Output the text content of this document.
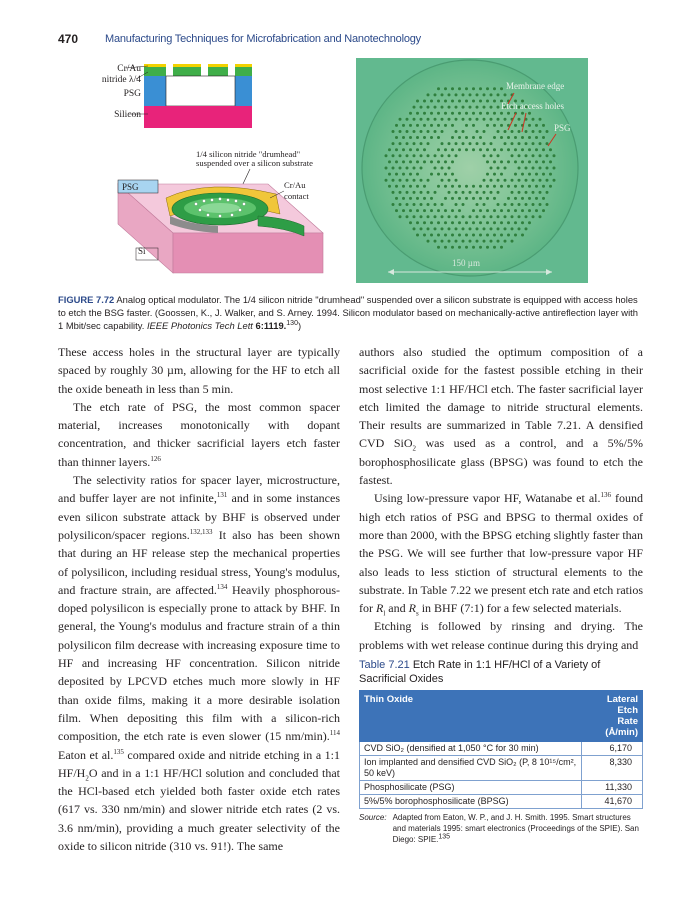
470 Manufacturing Techniques for Microfabrication and Nanotechnology
Cr/Au
nitride λ/4
PSG
Silicon
1/4 silicon nitride "drumhead"
suspended over a silicon substrate
PSG
Si
Cr/Au
contact
150 µm
Membrane edge
Etch access holes
PSG
FIGURE 7.72 Analog optical modulator. The 1/4 silicon nitride "drumhead" suspended over a silicon substrate is equipped with access holes to etch the BSG faster. (Goossen, K., J. Walker, and S. Arney. 1994. Silicon modulator based on mechanically-active antireflection layer with 1 Mbit/sec capability. IEEE Photonics Tech Lett 6:1119.$^{130}$)

These access holes in the structural layer are typically spaced by roughly 30 µm, allowing for the HF to etch all the oxide beneath in less than 5 min.

The etch rate of PSG, the most common spacer material, increases monotonically with dopant concentration, and thicker sacrificial layers etch faster than thinner layers.$^{126}$

The selectivity ratios for spacer layer, microstructure, and buffer layer are not infinite,$^{131}$ and in some instances even silicon substrate attack by BHF is observed under polysilicon/spacer regions.$^{132,133}$ It also has been shown that during an HF release step the mechanical properties of polysilicon, including residual stress, Young's modulus, and fracture strain, are affected.$^{134}$ Heavily phosphorous-doped polysilicon is especially prone to attack by BHF. In general, the Young's modulus and fracture strain of a thin polysilicon film decrease with increasing exposure time to HF and increasing HF concentration. Silicon nitride deposited by LPCVD etches much more slowly in HF than oxide films, making it a more desirable isolation film. When depositing this film with a silicon-rich composition, the etch rate is even slower (15 nm/min).$^{114}$ Eaton et al.$^{135}$ compared oxide and nitride etching in a 1:1 $HF/H_2O$ and in a 1:1 HF/HCl solution and concluded that the HCl-based etch yielded both faster oxide etch rates (617 vs. 330 nm/min) and slower nitride etch rates (2 vs. 3.6 nm/min), providing a much greater selectivity of the oxide to silicon nitride (310 vs. 91!). The same

authors also studied the optimum composition of a sacrificial oxide for the fastest possible etching in their most selective 1:1 HF/HCl etch. The faster sacrificial layer etch limited the damage to nitride structural elements. Their results are summarized in Table 7.21. A densified CVD SiO$_2$ was used as a control, and a 5%/5% borophosphosilicate glass (BPSG) was found to etch the fastest.

Using low-pressure vapor HF, Watanabe et al.$^{136}$ found high etch ratios of PSG and BPSG to thermal oxides of more than 2000, with the BPSG etching slightly faster than the PSG. We will see further that low-pressure vapor HF also leads to less stiction of structural elements to the substrate. In Table 7.22 we present etch rate and etch ratios for $R_l$ and $R_s$ in BHF (7:1) for a few selected materials.

Etching is followed by rinsing and drying. The problems with wet release continue during this drying and

Table 7.21 Etch Rate in 1:1 HF/HCl of a Variety of Sacrificial Oxides
Thin Oxide	Lateral Etch
Rate (Å/min)

CVD SiO₂ (densified at 1,050 °C for 30 min)	6,170
Ion implanted and densified CVD SiO₂ (P, 8 10¹⁵/cm², 50 keV)	8,330
Phosphosilicate (PSG)	11,330
5%/5% borophosphosilicate (BPSG)	41,670
Source: Adapted from Eaton, W. P., and J. H. Smith. 1995. Smart structures and materials 1995: smart electronics (Proceedings of the SPIE). San Diego: SPIE.$^{135}$
